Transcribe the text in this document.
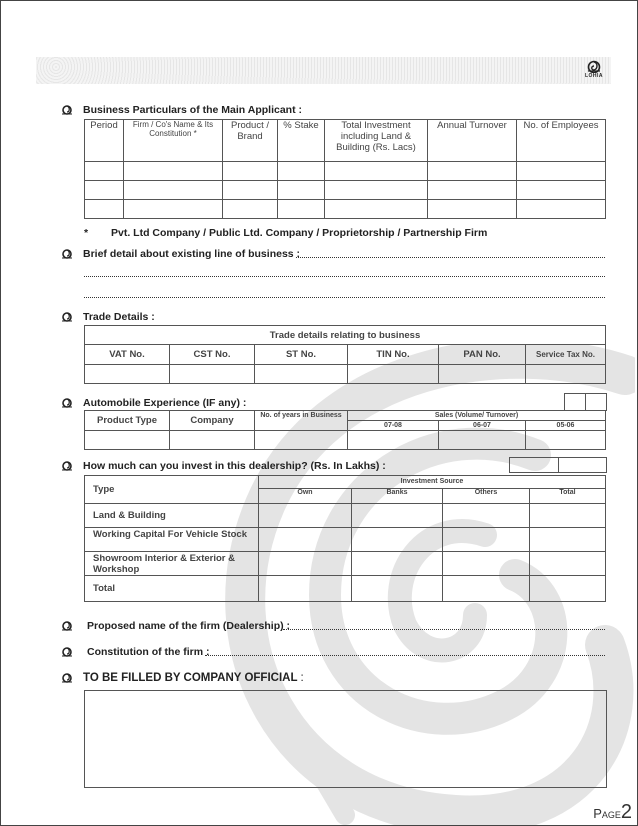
LOHIA
Business Particulars of the Main Applicant :
Period	Firm / Co's Name & Its Constitution *	Product / Brand	% Stake	Total Investment including Land & Building (Rs. Lacs)	Annual Turnover	No. of Employees

* Pvt. Ltd Company / Public Ltd. Company / Proprietorship / Partnership Firm
Brief detail about existing line of business :
Trade Details :
Trade details relating to business					
VAT No.	CST No.	ST No.	TIN No.	PAN No.	Service Tax No.

Automobile Experience (IF any) :
Product Type	Company	No. of years in Business	Sales (Volume/ Turnover)		
			07-08	06-07	05-06

How much can you invest in this dealership? (Rs. In Lakhs) :
Type	Investment Source			
	Own	Banks	Others	Total
Land & Building				
Working Capital For Vehicle Stock				
Showroom Interior & Exterior & Workshop				
Total				
Proposed name of the firm (Dealership) :
Constitution of the firm :
TO BE FILLED BY COMPANY OFFICIAL :
PAGE2
